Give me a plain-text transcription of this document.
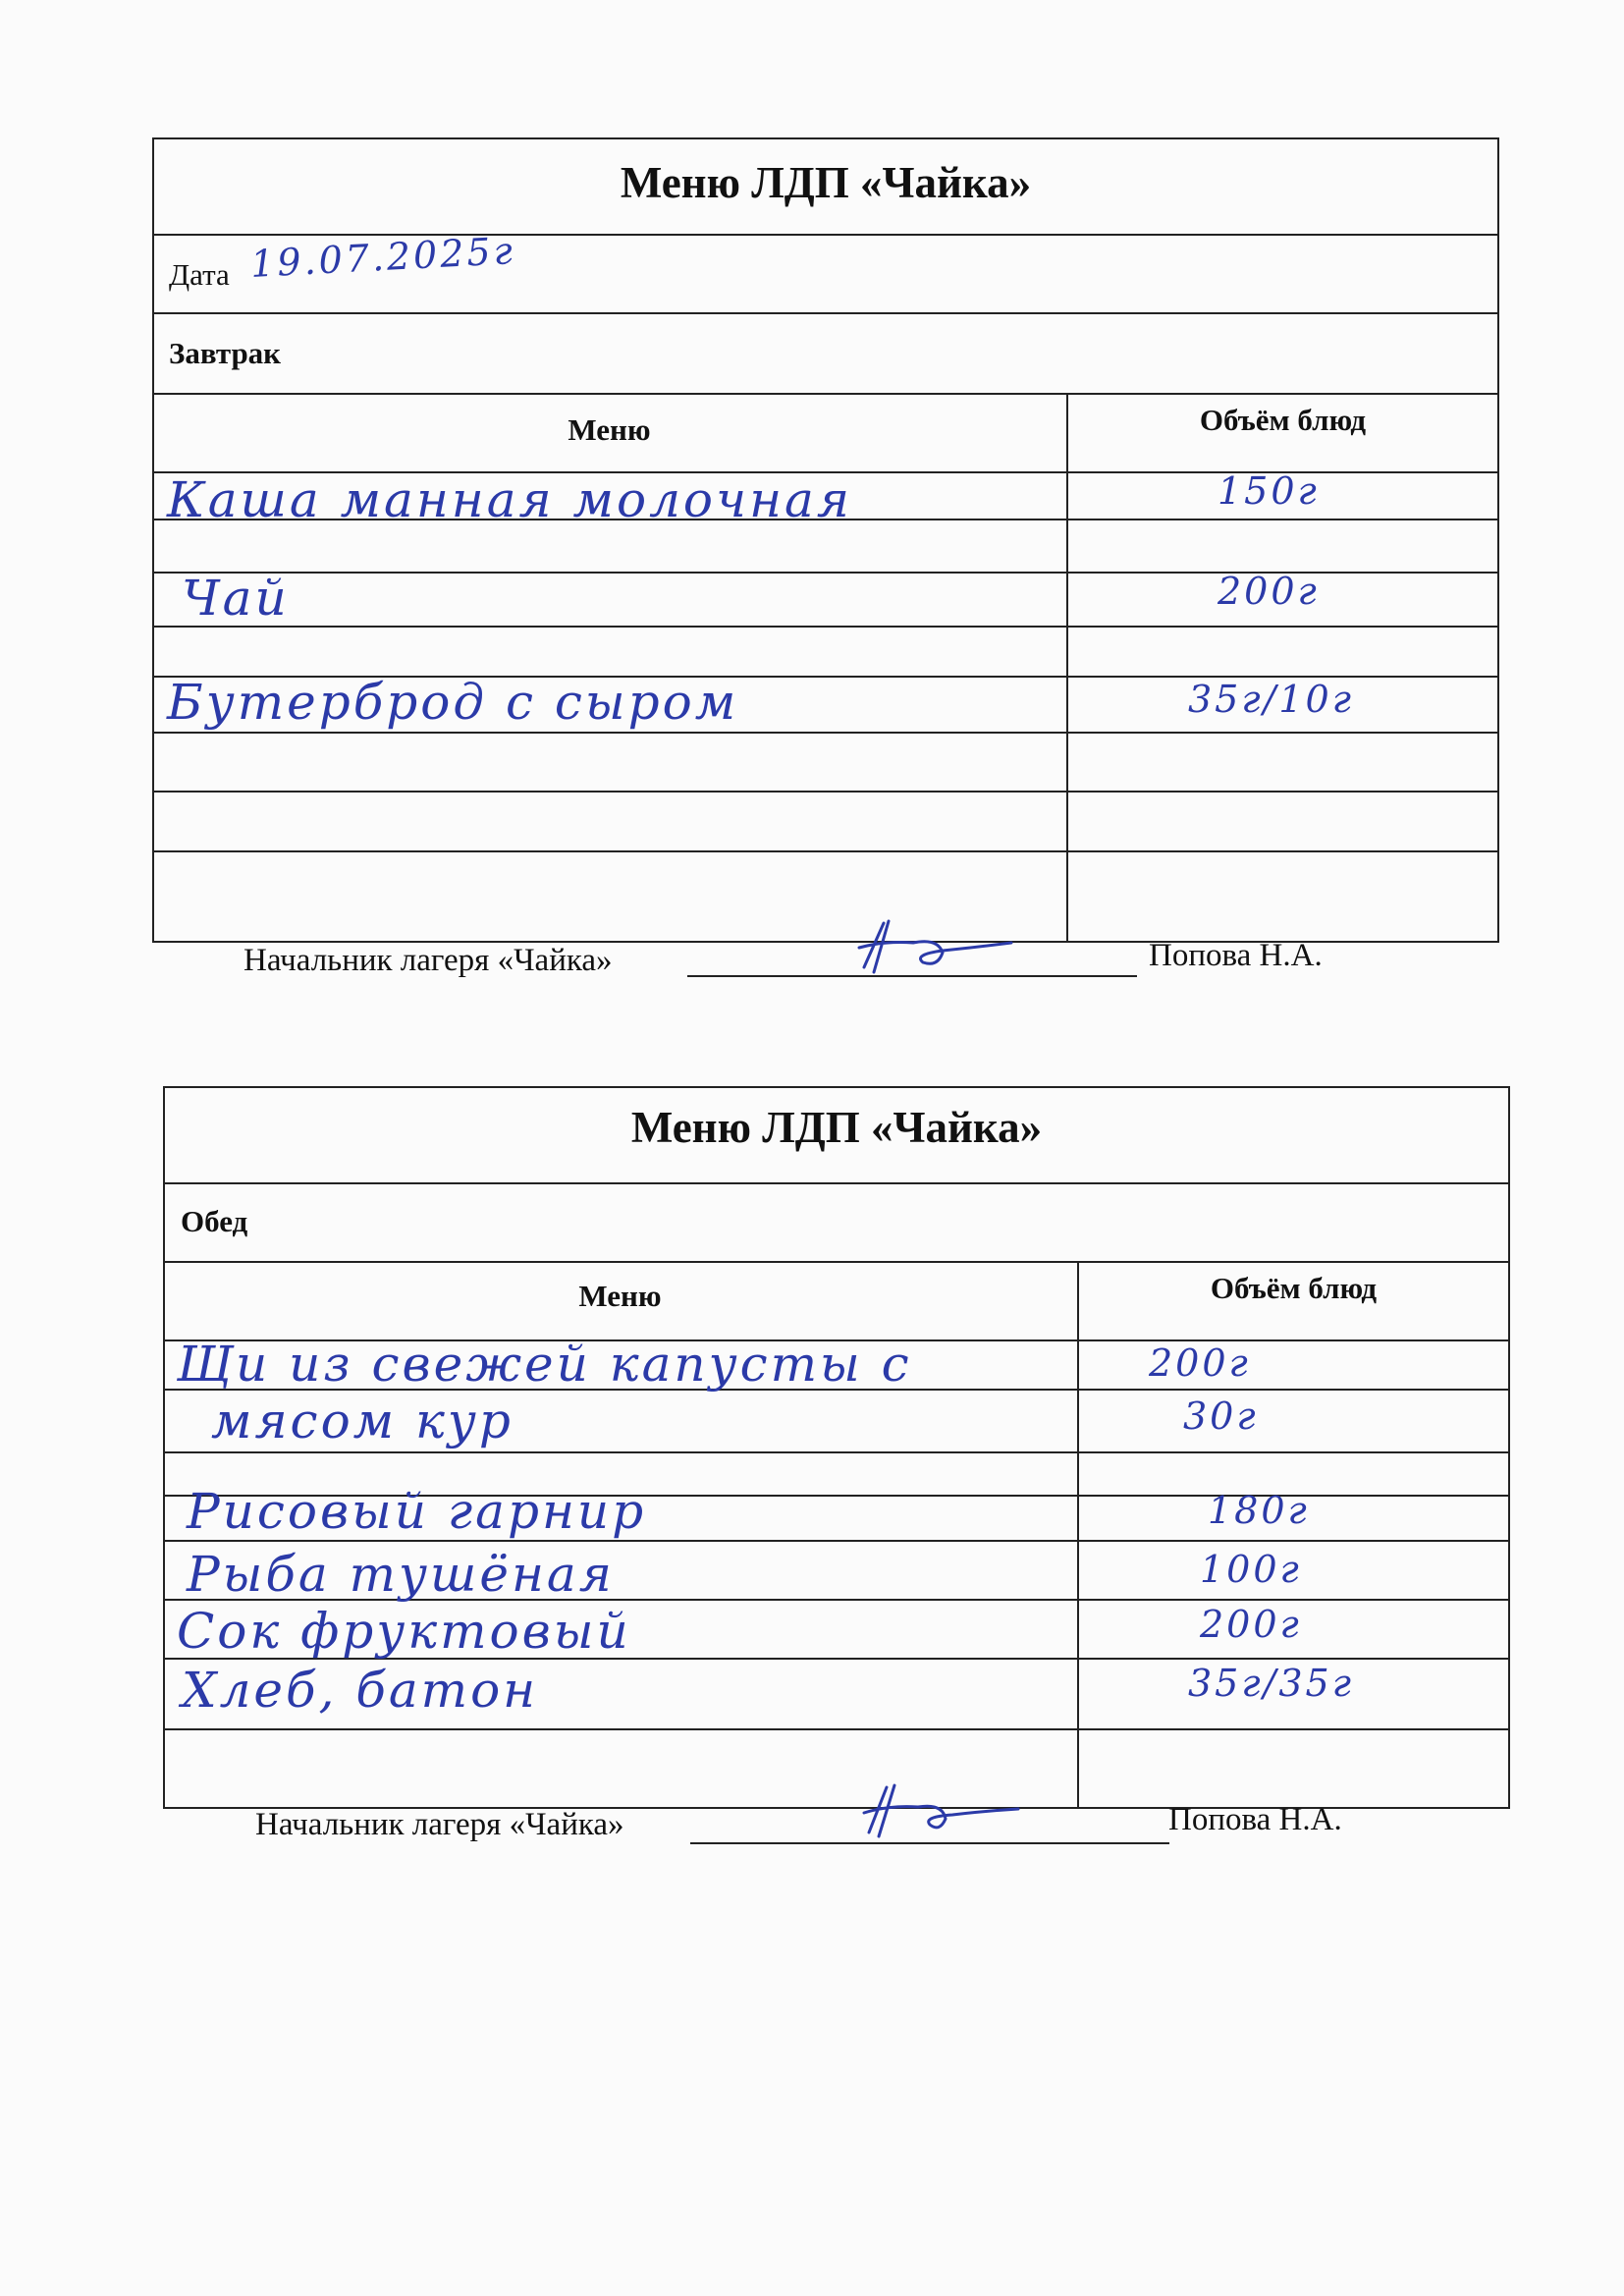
Меню ЛДП «Чайка»
Дата 19.07.2025г
Завтрак
Меню	Объём блюд
Каша манная молочная	150г
Чай	200г
Бутерброд с сыром	35г/10г
Начальник лагеря «Чайка»	Попова Н.А.
Меню ЛДП «Чайка»
Обед
Меню	Объём блюд
Щи из свежей капусты с	200г
мясом кур	30г
Рисовый гарнир	180г
Рыба тушёная	100г
Сок фруктовый	200г
Хлеб, батон	35г/35г
Начальник лагеря «Чайка»	Попова Н.А.
